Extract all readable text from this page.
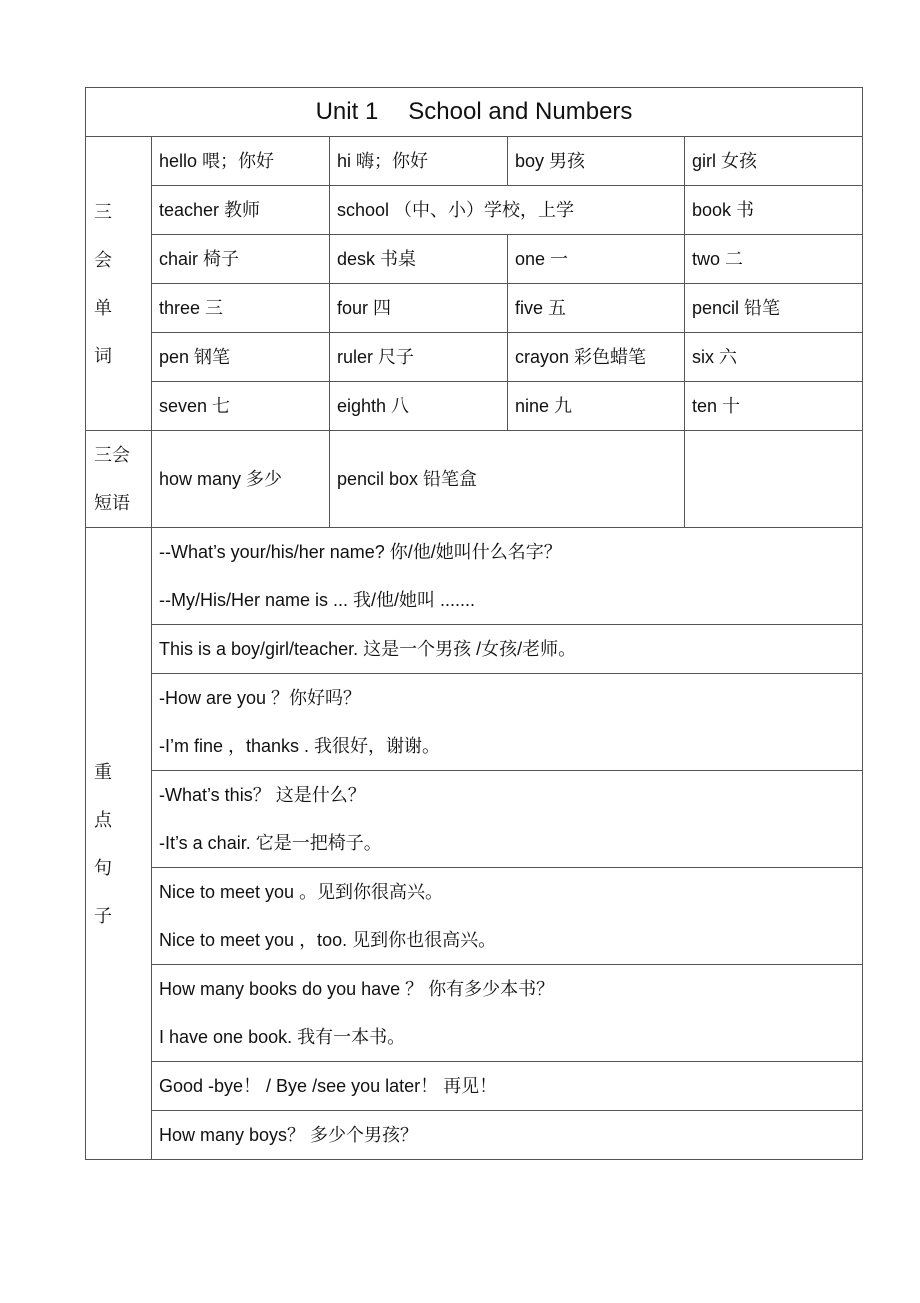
Unit 1 School and Numbers				

三
会
单
词	hello 喂；你好	hi 嗨；你好	boy 男孩	girl 女孩
	teacher 教师	school （中、小）学校，上学		book 书
	chair 椅子	desk 书桌	one 一	two 二
	three 三	four 四	five 五	pencil 铅笔
	pen 钢笔	ruler 尺子	crayon 彩色蜡笔	six 六
	seven 七	eighth 八	nine 九	ten 十

三会
短语	how many 多少	pencil box 铅笔盒		

重
点
句
子	--What’s your/his/her name? 你/他/她叫什么名字？
--My/His/Her name is ... 我/他/她叫 .......			

	This is a boy/girl/teacher. 这是一个男孩 /女孩/老师。			

	-How are you ？你好吗？
-I’m fine ，thanks . 我很好，谢谢。			

	-What’s this？ 这是什么？
-It’s a chair. 它是一把椅子。			

	Nice to meet you 。见到你很高兴。
Nice to meet you ，too. 见到你也很高兴。			

	How many books do you have ？ 你有多少本书？
I have one book. 我有一本书。			

	Good -bye！ / Bye /see you later！ 再见！			

	How many boys？ 多少个男孩？			
